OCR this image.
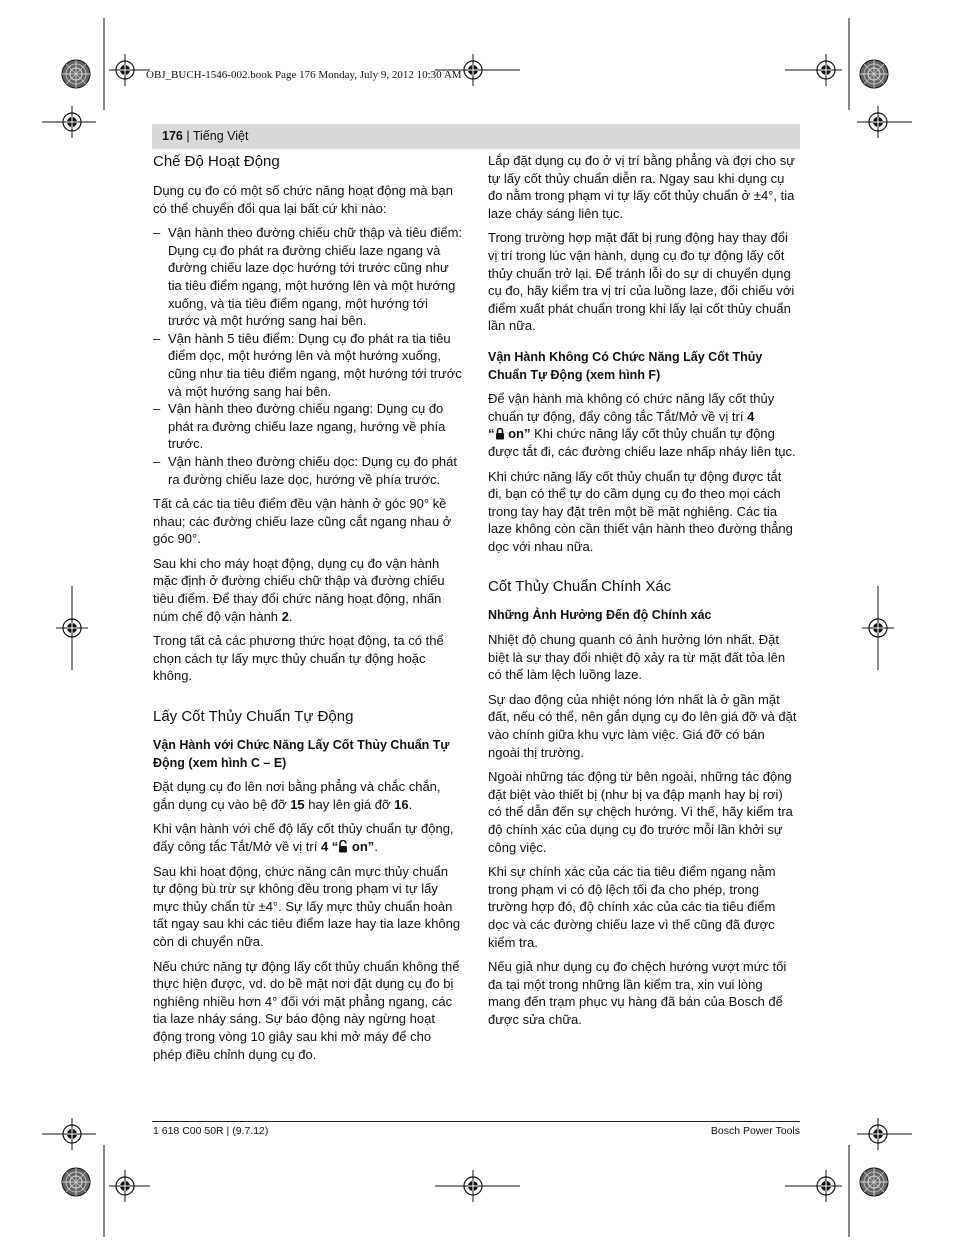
OBJ_BUCH-1546-002.book Page 176 Monday, July 9, 2012 10:30 AM
176 | Tiếng Việt
Chế Độ Hoạt Động

Dụng cụ đo có một số chức năng hoạt động mà bạn có thể chuyển đổi qua lại bất cứ khi nào:

– Vận hành theo đường chiếu chữ thập và tiêu điểm: Dụng cụ đo phát ra đường chiếu laze ngang và đường chiếu laze dọc hướng tới trước cũng như tia tiêu điểm ngang, một hướng lên và một hướng xuống, và tia tiêu điểm ngang, một hướng tới trước và một hướng sang hai bên.
– Vận hành 5 tiêu điểm: Dụng cụ đo phát ra tia tiêu điểm dọc, một hướng lên và một hướng xuống, cũng như tia tiêu điểm ngang, một hướng tới trước và một hướng sang hai bên.
– Vận hành theo đường chiếu ngang: Dụng cụ đo phát ra đường chiếu laze ngang, hướng về phía trước.
– Vận hành theo đường chiếu dọc: Dụng cụ đo phát ra đường chiếu laze dọc, hướng về phía trước.

Tất cả các tia tiêu điểm đều vận hành ở góc 90° kề nhau; các đường chiếu laze cũng cắt ngang nhau ở góc 90°.

Sau khi cho máy hoạt động, dụng cụ đo vận hành mặc định ở đường chiếu chữ thập và đường chiếu tiêu điểm. Để thay đổi chức năng hoạt động, nhấn núm chế độ vận hành 2.

Trong tất cả các phương thức hoạt động, ta có thể chọn cách tự lấy mực thủy chuẩn tự động hoặc không.

Lấy Cốt Thủy Chuẩn Tự Động
Vận Hành với Chức Năng Lấy Cốt Thủy Chuẩn Tự Động (xem hình C – E)

Đặt dụng cụ đo lên nơi bằng phẳng và chắc chắn, gắn dụng cụ vào bệ đỡ 15 hay lên giá đỡ 16.

Khi vận hành với chế độ lấy cốt thủy chuẩn tự động, đẩy công tắc Tắt/Mở về vị trí 4 “ on”.

Sau khi hoạt động, chức năng cân mực thủy chuẩn tự động bù trừ sự không đều trong phạm vi tự lấy mực thủy chẩn từ ±4°. Sự lấy mực thủy chuẩn hoàn tất ngay sau khi các tiêu điểm laze hay tia laze không còn di chuyển nữa.

Nếu chức năng tự động lấy cốt thủy chuẩn không thể thực hiện được, vd. do bề mặt nơi đặt dụng cụ đo bị nghiêng nhiều hơn 4° đối với mặt phẳng ngang, các tia laze nháy sáng. Sự báo động này ngừng hoạt động trong vòng 10 giây sau khi mở máy để cho phép điều chỉnh dụng cụ đo.

Lắp đặt dụng cụ đo ở vị trí bằng phẳng và đợi cho sự tự lấy cốt thủy chuẩn diễn ra. Ngay sau khi dụng cụ đo nằm trong phạm vi tự lấy cốt thủy chuẩn ở ±4°, tia laze cháy sáng liên tục.

Trong trường hợp mặt đất bị rung động hay thay đổi vị trí trong lúc vận hành, dụng cụ đo tự động lấy cốt thủy chuẩn trở lại. Để tránh lỗi do sự di chuyển dụng cụ đo, hãy kiểm tra vị trí của luồng laze, đối chiếu với điểm xuất phát chuẩn trong khi lấy lại cốt thủy chuẩn lần nữa.

Vận Hành Không Có Chức Năng Lấy Cốt Thủy Chuẩn Tự Động (xem hình F)

Để vận hành mà không có chức năng lấy cốt thủy chuẩn tự động, đẩy công tắc Tắt/Mở về vị trí 4
“ on” Khi chức năng lấy cốt thủy chuẩn tự động được tắt đi, các đường chiếu laze nhấp nháy liên tục.

Khi chức năng lấy cốt thủy chuẩn tự động được tắt đi, bạn có thể tự do cầm dụng cụ đo theo mọi cách trong tay hay đặt trên một bề mặt nghiêng. Các tia laze không còn cần thiết vận hành theo đường thẳng dọc với nhau nữa.

Cốt Thủy Chuẩn Chính Xác
Những Ảnh Hưởng Đến độ Chính xác

Nhiệt độ chung quanh có ảnh hưởng lớn nhất. Đặt biệt là sự thay đổi nhiệt độ xảy ra từ mặt đất tỏa lên có thể làm lệch luồng laze.

Sự dao động của nhiệt nóng lớn nhất là ở gần mặt đất, nếu có thể, nên gắn dụng cụ đo lên giá đỡ và đặt vào chính giữa khu vực làm việc. Giá đỡ có bán ngoài thị trường.

Ngoài những tác động từ bên ngoài, những tác động đặt biệt vào thiết bị (như bị va đập mạnh hay bị rơi) có thể dẫn đến sự chệch hướng. Vì thế, hãy kiểm tra độ chính xác của dụng cụ đo trước mỗi lần khởi sự công việc.

Khi sự chính xác của các tia tiêu điểm ngang nằm trong phạm vi có độ lệch tối đa cho phép, trong trường hợp đó, độ chính xác của các tia tiêu điểm dọc và các đường chiếu laze vì thế cũng đã được kiểm tra.

Nếu giả như dụng cụ đo chệch hướng vượt mức tối đa tại một trong những lần kiểm tra, xin vui lòng mang đến trạm phục vụ hàng đã bán của Bosch để được sửa chữa.

1 618 C00 50R | (9.7.12)	Bosch Power Tools
